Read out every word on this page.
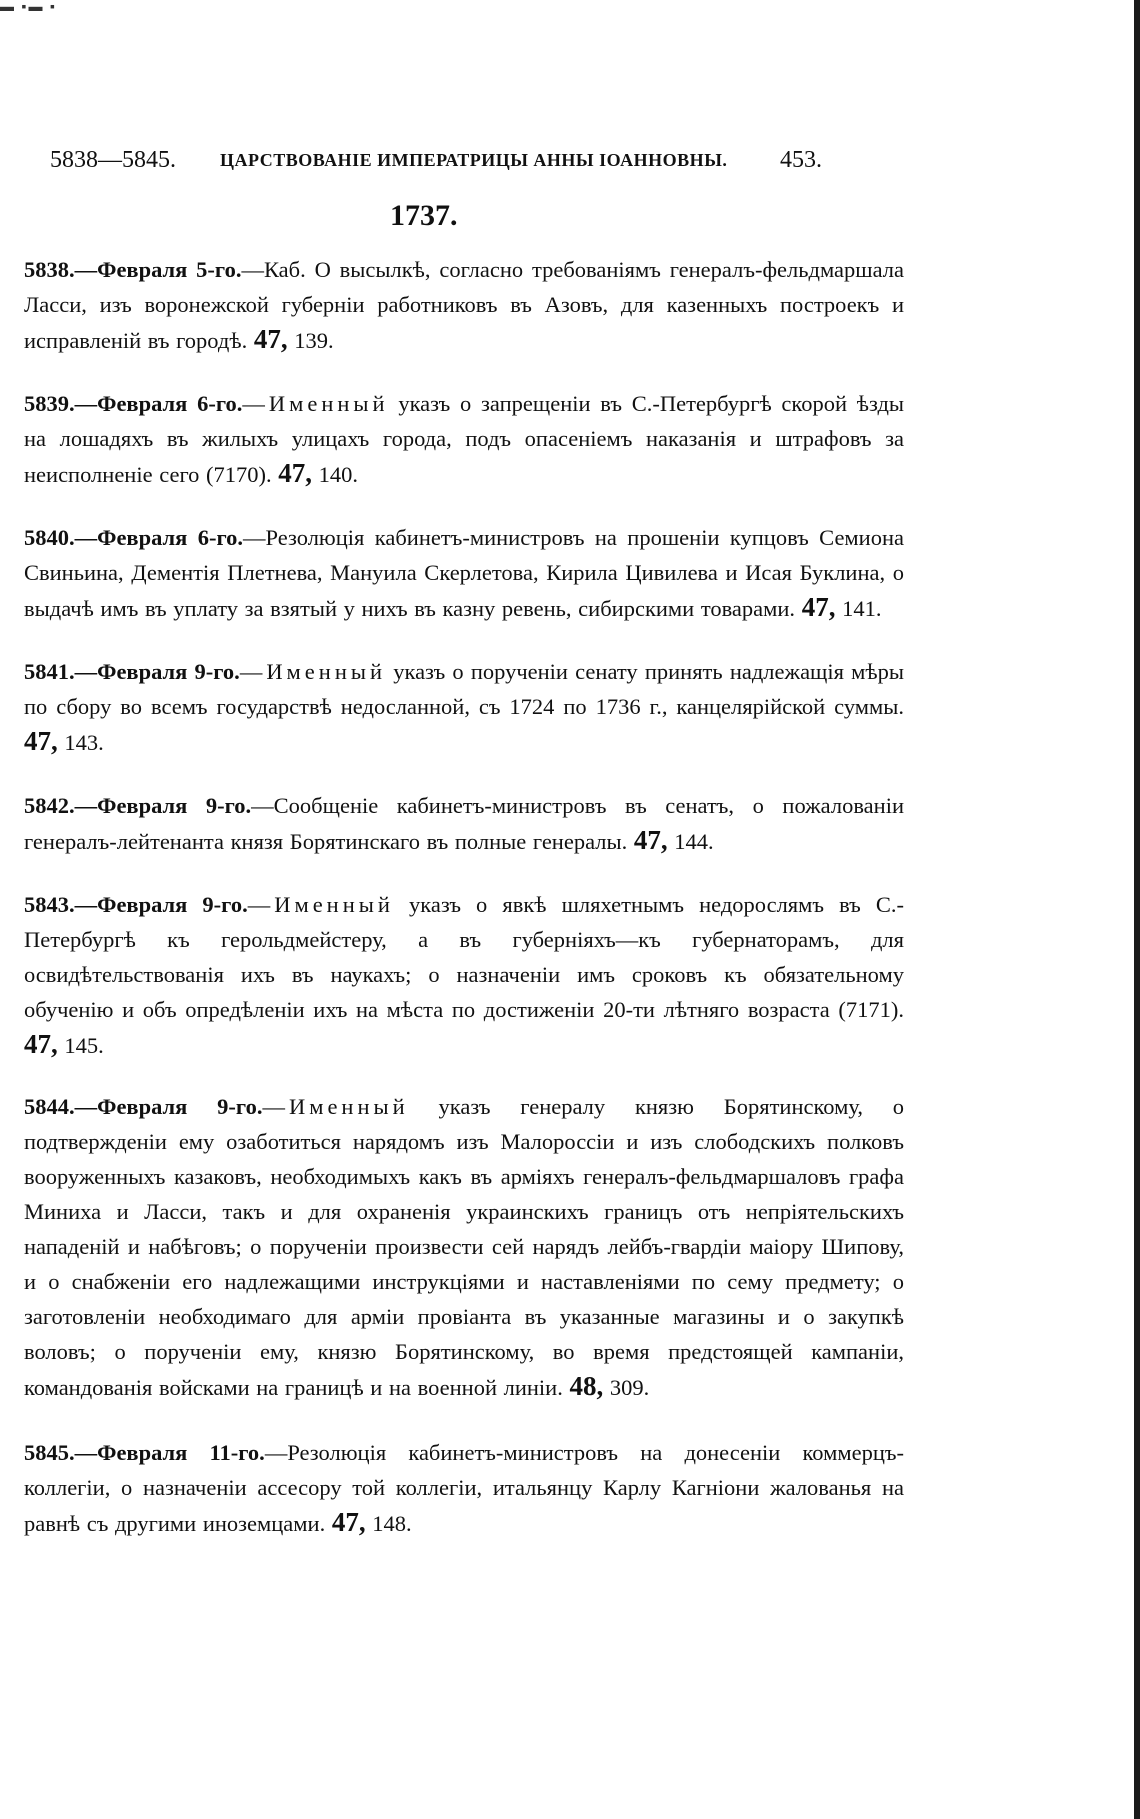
▬ ▪▬ ▪
5838—5845. ЦАРСТВОВАНІЕ ИМПЕРАТРИЦЫ АННЫ ІОАННОВНЫ. 453.
1737.

5838.—Февраля 5-го.—Каб. О высылкѣ, согласно требованіямъ генералъ-фельдмаршала Ласси, изъ воронежской губерніи работниковъ въ Азовъ, для казенныхъ построекъ и исправленій въ городѣ. 47, 139.

5839.—Февраля 6-го.—Именный указъ о запрещеніи въ С.-Петербургѣ скорой ѣзды на лошадяхъ въ жилыхъ улицахъ города, подъ опасеніемъ наказанія и штрафовъ за неисполненіе сего (7170). 47, 140.

5840.—Февраля 6-го.—Резолюція кабинетъ-министровъ на прошеніи купцовъ Семиона Свиньина, Дементія Плетнева, Мануила Скерлетова, Кирила Цивилева и Исая Буклина, о выдачѣ имъ въ уплату за взятый у нихъ въ казну ревень, сибирскими товарами. 47, 141.

5841.—Февраля 9-го.—Именный указъ о порученіи сенату принять надлежащія мѣры по сбору во всемъ государствѣ недосланной, съ 1724 по 1736 г., канцелярійской суммы. 47, 143.

5842.—Февраля 9-го.—Сообщеніе кабинетъ-министровъ въ сенатъ, о пожалованіи генералъ-лейтенанта князя Борятинскаго въ полные генералы. 47, 144.

5843.—Февраля 9-го.—Именный указъ о явкѣ шляхетнымъ недорослямъ въ С.-Петербургѣ къ герольдмейстеру, а въ губерніяхъ—къ губернаторамъ, для освидѣтельствованія ихъ въ наукахъ; о назначеніи имъ сроковъ къ обязательному обученію и объ опредѣленіи ихъ на мѣста по достиженіи 20-ти лѣтняго возраста (7171). 47, 145.

5844.—Февраля 9-го.—Именный указъ генералу князю Борятинскому, о подтвержденіи ему озаботиться нарядомъ изъ Малороссіи и изъ слободскихъ полковъ вооруженныхъ казаковъ, необходимыхъ какъ въ арміяхъ генералъ-фельдмаршаловъ графа Миниха и Ласси, такъ и для охраненія украинскихъ границъ отъ непріятельскихъ нападеній и набѣговъ; о порученіи произвести сей нарядъ лейбъ-гвардіи маіору Шипову, и о снабженіи его надлежащими инструкціями и наставленіями по сему предмету; о заготовленіи необходимаго для арміи провіанта въ указанные магазины и о закупкѣ воловъ; о порученіи ему, князю Борятинскому, во время предстоящей кампаніи, командованія войсками на границѣ и на военной линіи. 48, 309.

5845.—Февраля 11-го.—Резолюція кабинетъ-министровъ на донесеніи коммерцъ-коллегіи, о назначеніи ассесору той коллегіи, итальянцу Карлу Кагніони жалованья на равнѣ съ другими иноземцами. 47, 148.
